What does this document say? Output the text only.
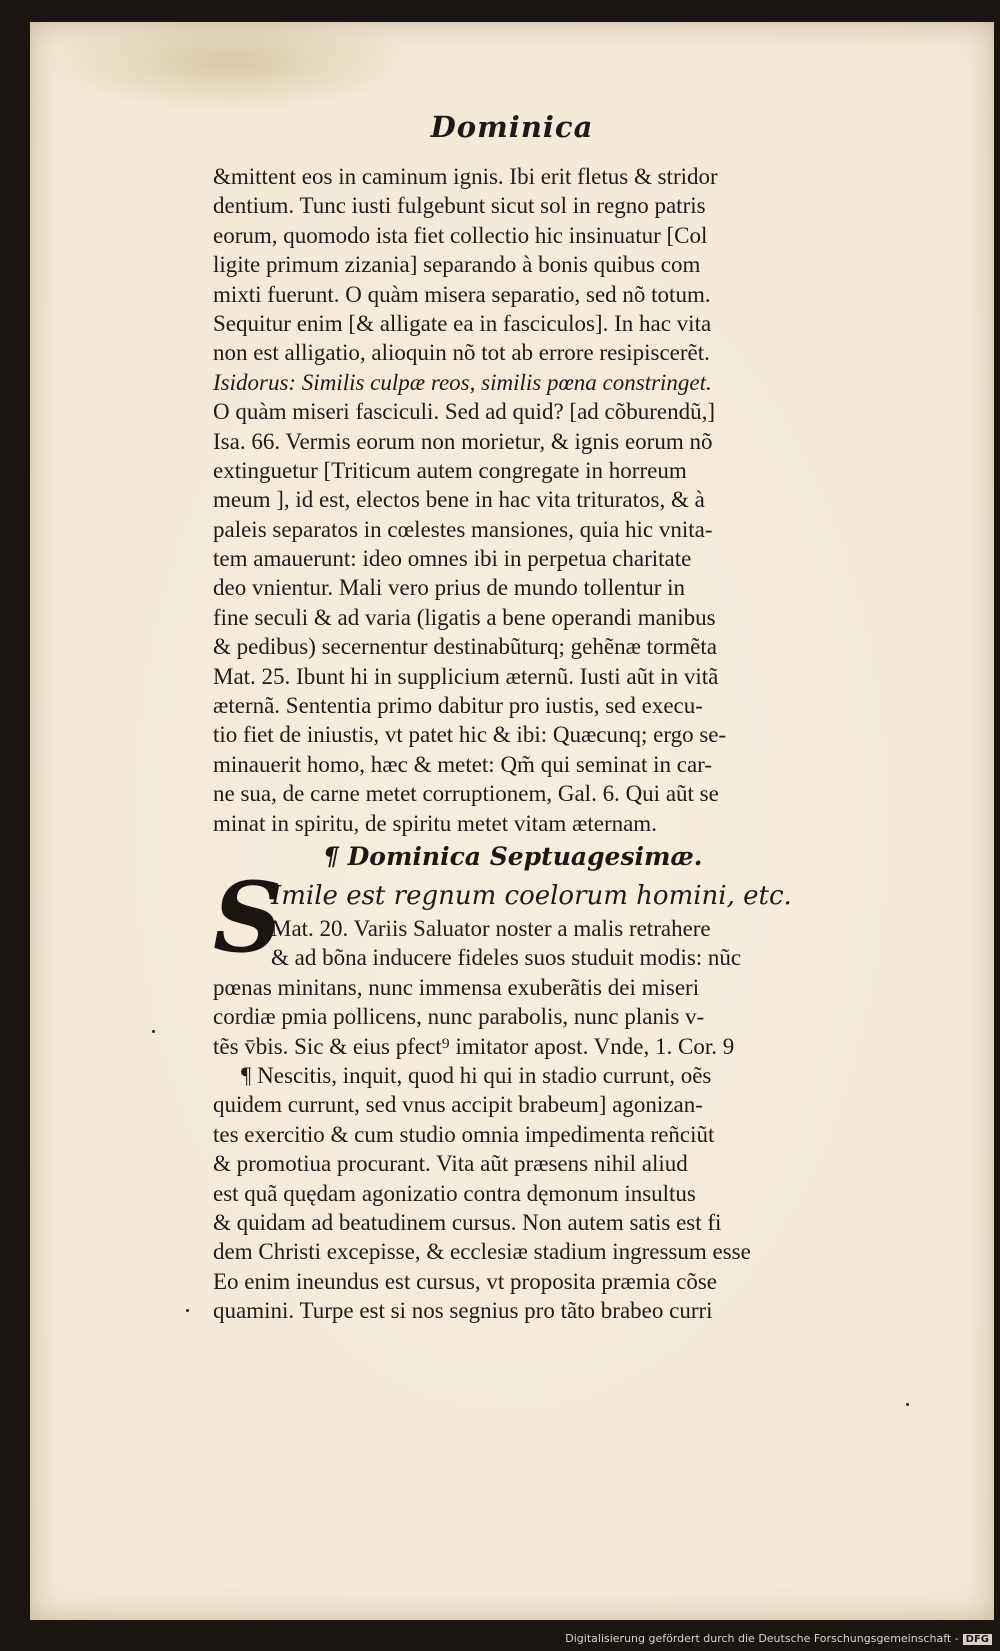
Dominica
&mittent eos in caminum ignis. Ibi erit fletus & stridor
dentium. Tunc iusti fulgebunt sicut sol in regno patris
eorum, quomodo ista fiet collectio hic insinuatur [Col
ligite primum zizania] separando à bonis quibus com
mixti fuerunt. O quàm misera separatio, sed nõ totum.
Sequitur enim [& alligate ea in fasciculos]. In hac vita
non est alligatio, alioquin nõ tot ab errore resipiscerẽt.
Isidorus: Similis culpæ reos, similis pœna constringet.
O quàm miseri fasciculi. Sed ad quid? [ad cõburendũ,]
Isa. 66. Vermis eorum non morietur, & ignis eorum nõ
extinguetur [Triticum autem congregate in horreum
meum ], id est, electos bene in hac vita trituratos, & à
paleis separatos in cœlestes mansiones, quia hic vnita-
tem amauerunt: ideo omnes ibi in perpetua charitate
deo vnientur. Mali vero prius de mundo tollentur in
fine seculi & ad varia (ligatis a bene operandi manibus
& pedibus) secernentur destinabũturq; gehẽnæ tormẽta
Mat. 25. Ibunt hi in supplicium æternũ. Iusti aũt in vitã
æternã. Sententia primo dabitur pro iustis, sed execu-
tio fiet de iniustis, vt patet hic & ibi: Quæcunq; ergo se-
minauerit homo, hæc & metet: Qm̃ qui seminat in car-
ne sua, de carne metet corruptionem, Gal. 6. Qui aũt se
minat in spiritu, de spiritu metet vitam æternam.
¶ Dominica Septuagesimæ.
S
Imile est regnum coelorum homini, etc.
Mat. 20. Variis Saluator noster a malis retrahere
& ad bõna inducere fideles suos studuit modis: nũc
pœnas minitans, nunc immensa exuberãtis dei miseri
cordiæ pmia pollicens, nunc parabolis, nunc planis v-
tẽs v̄bis. Sic & eius pfect⁹ imitator apost. Vnde, 1. Cor. 9
¶ Nescitis, inquit, quod hi qui in stadio currunt, oẽs
quidem currunt, sed vnus accipit brabeum] agonizan-
tes exercitio & cum studio omnia impedimenta reñciũt
& promotiua procurant. Vita aũt præsens nihil aliud
est quã quędam agonizatio contra dęmonum insultus
& quidam ad beatudinem cursus. Non autem satis est fi
dem Christi excepisse, & ecclesiæ stadium ingressum esse
Eo enim ineundus est cursus, vt proposita præmia cõse
quamini. Turpe est si nos segnius pro tãto brabeo curri
Digitalisierung gefördert durch die Deutsche Forschungsgemeinschaft - DFG
